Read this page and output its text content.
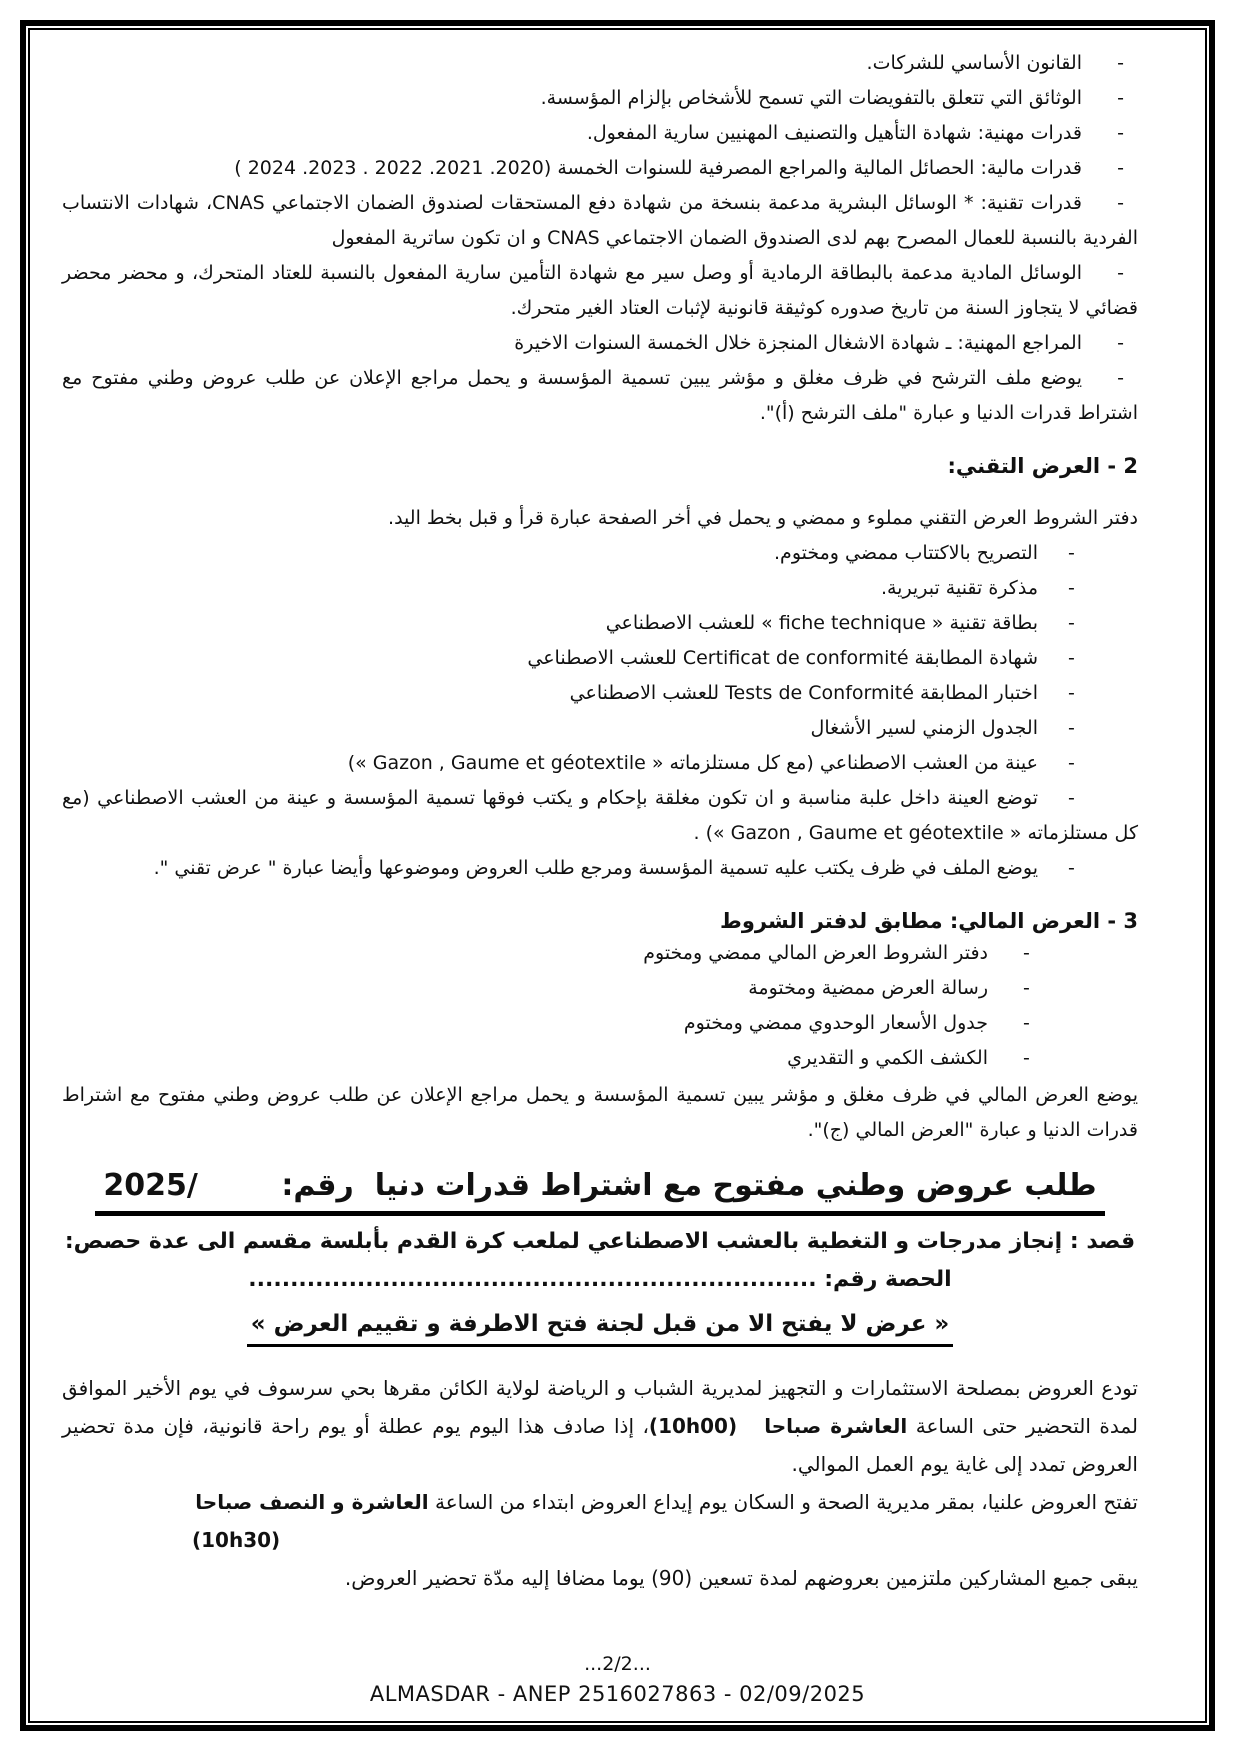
-القانون الأساسي للشركات.
-الوثائق التي تتعلق بالتفويضات التي تسمح للأشخاص بإلزام المؤسسة.
-قدرات مهنية: شهادة التأهيل والتصنيف المهنيين سارية المفعول.
-قدرات مالية: الحصائل المالية والمراجع المصرفية للسنوات الخمسة (2020. 2021. 2022 . 2023. 2024 )
-قدرات تقنية: * الوسائل البشرية مدعمة بنسخة من شهادة دفع المستحقات لصندوق الضمان الاجتماعي CNAS، شهادات الانتساب الفردية بالنسبة للعمال المصرح بهم لدى الصندوق الضمان الاجتماعي CNAS و ان تكون ساترية المفعول
-الوسائل المادية مدعمة بالبطاقة الرمادية أو وصل سير مع شهادة التأمين سارية المفعول بالنسبة للعتاد المتحرك، و محضر محضر قضائي لا يتجاوز السنة من تاريخ صدوره كوثيقة قانونية لإثبات العتاد الغير متحرك.
-المراجع المهنية: ـ شهادة الاشغال المنجزة خلال الخمسة السنوات الاخيرة
-يوضع ملف الترشح في ظرف مغلق و مؤشر يبين تسمية المؤسسة و يحمل مراجع الإعلان عن طلب عروض وطني مفتوح مع اشتراط قدرات الدنيا و عبارة "ملف الترشح (أ)".
2 - العرض التقني:
دفتر الشروط العرض التقني مملوء و ممضي و يحمل في أخر الصفحة عبارة قرأ و قبل بخط اليد.
-التصريح بالاكتتاب ممضي ومختوم.
-مذكرة تقنية تبريرية.
-بطاقة تقنية « fiche technique » للعشب الاصطناعي
-شهادة المطابقة Certificat de conformité للعشب الاصطناعي
-اختبار المطابقة Tests de Conformité للعشب الاصطناعي
-الجدول الزمني لسير الأشغال
-عينة من العشب الاصطناعي (مع كل مستلزماته « Gazon , Gaume et géotextile »)
-توضع العينة داخل علبة مناسبة و ان تكون مغلقة بإحكام و يكتب فوقها تسمية المؤسسة و عينة من العشب الاصطناعي (مع كل مستلزماته « Gazon , Gaume et géotextile ») .
-يوضع الملف في ظرف يكتب عليه تسمية المؤسسة ومرجع طلب العروض وموضوعها وأيضا عبارة " عرض تقني ".
3 - العرض المالي: مطابق لدفتر الشروط
-دفتر الشروط العرض المالي ممضي ومختوم
-رسالة العرض ممضية ومختومة
-جدول الأسعار الوحدوي ممضي ومختوم
-الكشف الكمي و التقديري

يوضع العرض المالي في ظرف مغلق و مؤشر يبين تسمية المؤسسة و يحمل مراجع الإعلان عن طلب عروض وطني مفتوح مع اشتراط قدرات الدنيا و عبارة "العرض المالي (ج)".

طلب عروض وطني مفتوح مع اشتراط قدرات دنيا  رقم:        /2025
قصد : إنجاز مدرجات و التغطية بالعشب الاصطناعي لملعب كرة القدم بأبلسة مقسم الى عدة حصص:
الحصة رقم: ....................................................................
« عرض لا يفتح الا من قبل لجنة فتح الاطرفة و تقييم العرض »

تودع العروض بمصلحة الاستثمارات و التجهيز لمديرية الشباب و الرياضة لولاية الكائن مقرها بحي سرسوف في يوم الأخير الموافق لمدة التحضير حتى الساعة العاشرة صباحا   (10h00)، إذا صادف هذا اليوم يوم عطلة أو يوم راحة قانونية، فإن مدة تحضير العروض تمدد إلى غاية يوم العمل الموالي.

تفتح العروض علنيا، بمقر مديرية الصحة و السكان يوم إيداع العروض ابتداء من الساعة العاشرة و النصف صباحا

(10h30)

يبقى جميع المشاركين ملتزمين بعروضهم لمدة تسعين (90) يوما مضافا إليه مدّة تحضير العروض.

...2/2...
ALMASDAR - ANEP 2516027863 - 02/09/2025
